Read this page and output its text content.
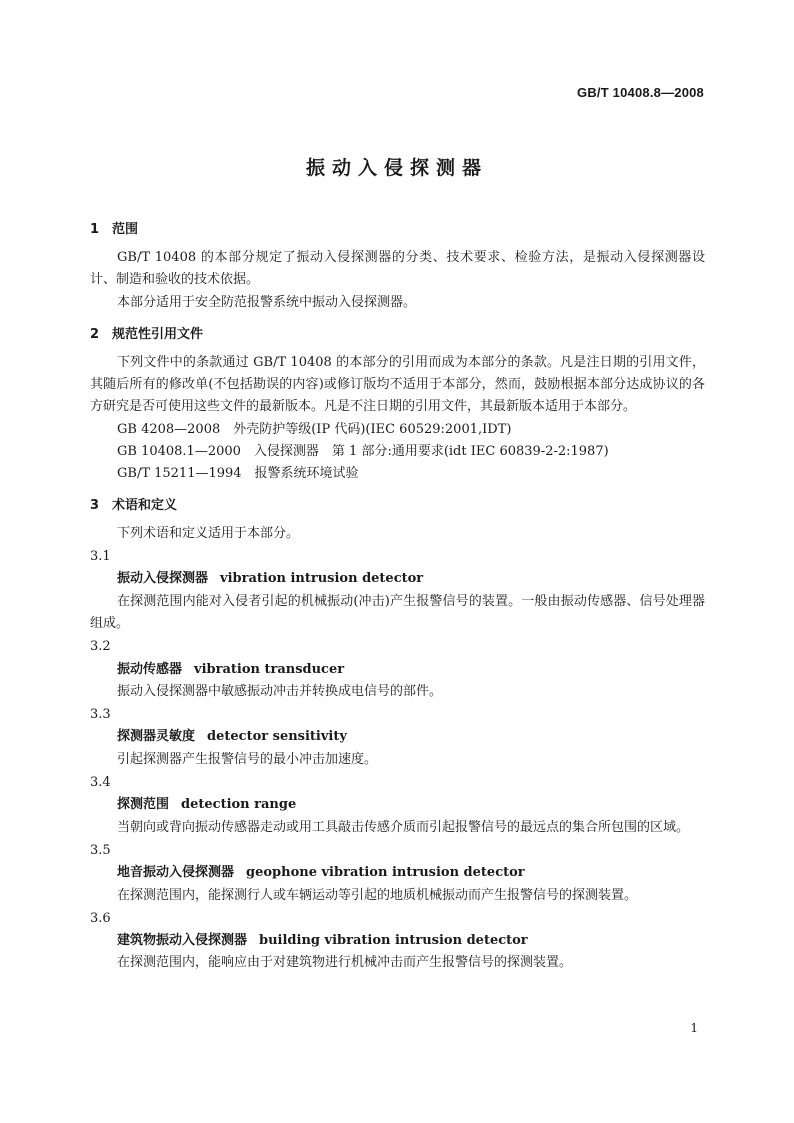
GB/T 10408.8—2008
振动入侵探测器
1 范围

GB/T 10408 的本部分规定了振动入侵探测器的分类、技术要求、检验方法，是振动入侵探测器设计、制造和验收的技术依据。

本部分适用于安全防范报警系统中振动入侵探测器。

2 规范性引用文件

下列文件中的条款通过 GB/T 10408 的本部分的引用而成为本部分的条款。凡是注日期的引用文件，其随后所有的修改单(不包括勘误的内容)或修订版均不适用于本部分，然而，鼓励根据本部分达成协议的各方研究是否可使用这些文件的最新版本。凡是不注日期的引用文件，其最新版本适用于本部分。

GB 4208—2008　外壳防护等级(IP 代码)(IEC 60529:2001,IDT)
GB 10408.1—2000　入侵探测器　第 1 部分:通用要求(idt IEC 60839-2-2:1987)
GB/T 15211—1994　报警系统环境试验
3 术语和定义

下列术语和定义适用于本部分。

3.1
振动入侵探测器 vibration intrusion detector

在探测范围内能对入侵者引起的机械振动(冲击)产生报警信号的装置。一般由振动传感器、信号处理器组成。

3.2
振动传感器 vibration transducer

振动入侵探测器中敏感振动冲击并转换成电信号的部件。

3.3
探测器灵敏度 detector sensitivity

引起探测器产生报警信号的最小冲击加速度。

3.4
探测范围 detection range

当朝向或背向振动传感器走动或用工具敲击传感介质而引起报警信号的最远点的集合所包围的区域。

3.5
地音振动入侵探测器 geophone vibration intrusion detector

在探测范围内，能探测行人或车辆运动等引起的地质机械振动而产生报警信号的探测装置。

3.6
建筑物振动入侵探测器 building vibration intrusion detector

在探测范围内，能响应由于对建筑物进行机械冲击而产生报警信号的探测装置。

1
